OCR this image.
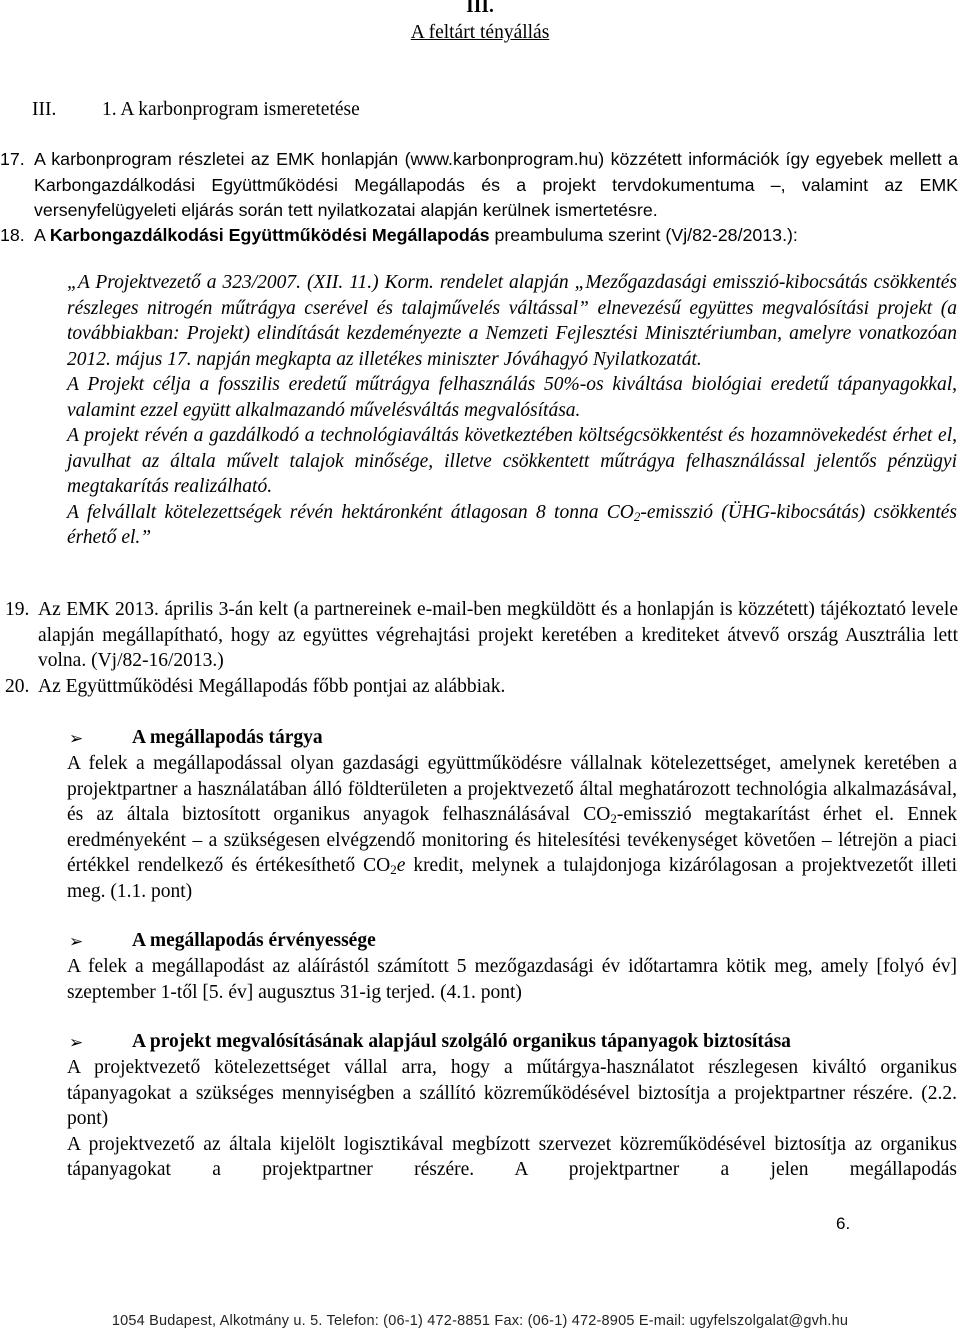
III.
A feltárt tényállás
III. 1. A karbonprogram ismeretetése
17. A karbonprogram részletei az EMK honlapján (www.karbonprogram.hu) közzétett információk így egyebek mellett a Karbongazdálkodási Együttműködési Megállapodás és a projekt tervdokumentuma –, valamint az EMK versenyfelügyeleti eljárás során tett nyilatkozatai alapján kerülnek ismertetésre.
18. A Karbongazdálkodási Együttműködési Megállapodás preambuluma szerint (Vj/82-28/2013.):
„A Projektvezető a 323/2007. (XII. 11.) Korm. rendelet alapján „Mezőgazdasági emisszió-kibocsátás csökkentés részleges nitrogén műtrágya cserével és talajművelés váltással” elnevezésű együttes megvalósítási projekt (a továbbiakban: Projekt) elindítását kezdeményezte a Nemzeti Fejlesztési Minisztériumban, amelyre vonatkozóan 2012. május 17. napján megkapta az illetékes miniszter Jóváhagyó Nyilatkozatát.
A Projekt célja a fosszilis eredetű műtrágya felhasználás 50%-os kiváltása biológiai eredetű tápanyagokkal, valamint ezzel együtt alkalmazandó művelésváltás megvalósítása.
A projekt révén a gazdálkodó a technológiaváltás következtében költségcsökkentést és hozamnövekedést érhet el, javulhat az általa művelt talajok minősége, illetve csökkentett műtrágya felhasználással jelentős pénzügyi megtakarítás realizálható.
A felvállalt kötelezettségek révén hektáronként átlagosan 8 tonna $CO_2$-emisszió (ÜHG-kibocsátás) csökkentés érhető el.”
19. Az EMK 2013. április 3-án kelt (a partnereinek e-mail-ben megküldött és a honlapján is közzétett) tájékoztató levele alapján megállapítható, hogy az együttes végrehajtási projekt keretében a krediteket átvevő ország Ausztrália lett volna. (Vj/82-16/2013.)
20. Az Együttműködési Megállapodás főbb pontjai az alábbiak.
➢	A megállapodás tárgya
A felek a megállapodással olyan gazdasági együttműködésre vállalnak kötelezettséget, amelynek keretében a projektpartner a használatában álló földterületen a projektvezető által meghatározott technológia alkalmazásával, és az általa biztosított organikus anyagok felhasználásával $CO_2$-emisszió megtakarítást érhet el. Ennek eredményeként – a szükségesen elvégzendő monitoring és hitelesítési tevékenységet követően – létrejön a piaci értékkel rendelkező és értékesíthető $CO_2e$ kredit, melynek a tulajdonjoga kizárólagosan a projektvezetőt illeti meg. (1.1. pont)
➢	A megállapodás érvényessége
A felek a megállapodást az aláírástól számított 5 mezőgazdasági év időtartamra kötik meg, amely [folyó év] szeptember 1-től [5. év] augusztus 31-ig terjed. (4.1. pont)
➢	A projekt megvalósításának alapjául szolgáló organikus tápanyagok biztosítása
A projektvezető kötelezettséget vállal arra, hogy a műtárgya-használatot részlegesen kiváltó organikus tápanyagokat a szükséges mennyiségben a szállító közreműködésével biztosítja a projektpartner részére. (2.2. pont)
A projektvezető az általa kijelölt logisztikával megbízott szervezet közreműködésével biztosítja az organikus tápanyagokat a projektpartner részére. A projektpartner a jelen megállapodás
6.
1054 Budapest, Alkotmány u. 5. Telefon: (06-1) 472-8851 Fax: (06-1) 472-8905 E-mail: ugyfelszolgalat@gvh.hu
